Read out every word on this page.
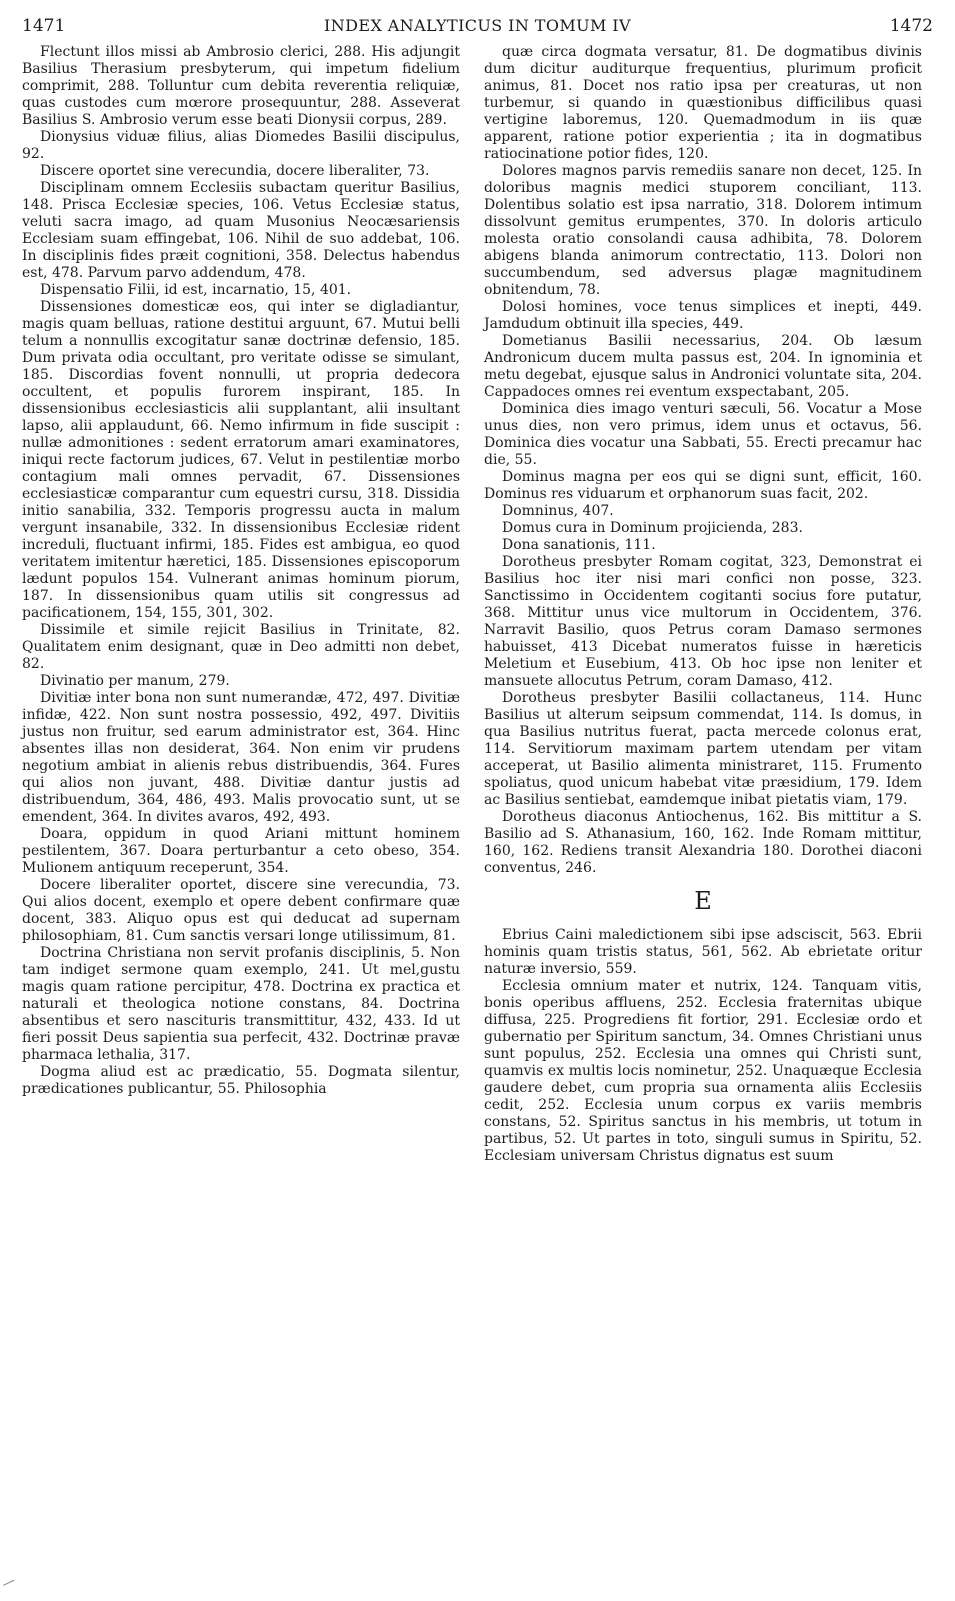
1471	INDEX ANALYTICUS IN TOMUM IV	1472

Flectunt illos missi ab Ambrosio clerici, 288. His adjungit Basilius Therasium presbyterum, qui impetum fidelium comprimit, 288. Tolluntur cum debita reverentia reliquiæ, quas custodes cum mœrore prosequuntur, 288. Asseverat Basilius S. Ambrosio verum esse beati Dionysii corpus, 289.

Dionysius viduæ filius, alias Diomedes Basilii discipulus, 92.

Discere oportet sine verecundia, docere liberaliter, 73.

Disciplinam omnem Ecclesiis subactam queritur Basilius, 148. Prisca Ecclesiæ species, 106. Vetus Ecclesiæ status, veluti sacra imago, ad quam Musonius Neocæsariensis Ecclesiam suam effingebat, 106. Nihil de suo addebat, 106. In disciplinis fides præit cognitioni, 358. Delectus habendus est, 478. Parvum parvo addendum, 478.

Dispensatio Filii, id est, incarnatio, 15, 401.

Dissensiones domesticæ eos, qui inter se digladiantur, magis quam belluas, ratione destitui arguunt, 67. Mutui belli telum a nonnullis excogitatur sanæ doctrinæ defensio, 185. Dum privata odia occultant, pro veritate odisse se simulant, 185. Discordias fovent nonnulli, ut propria dedecora occultent, et populis furorem inspirant, 185. In dissensionibus ecclesiasticis alii supplantant, alii insultant lapso, alii applaudunt, 66. Nemo infirmum in fide suscipit : nullæ admonitiones : sedent erratorum amari examinatores, iniqui recte factorum judices, 67. Velut in pestilentiæ morbo contagium mali omnes pervadit, 67. Dissensiones ecclesiasticæ comparantur cum equestri cursu, 318. Dissidia initio sanabilia, 332. Temporis progressu aucta in malum vergunt insanabile, 332. In dissensionibus Ecclesiæ rident increduli, fluctuant infirmi, 185. Fides est ambigua, eo quod veritatem imitentur hæretici, 185. Dissensiones episcoporum lædunt populos 154. Vulnerant animas hominum piorum, 187. In dissensionibus quam utilis sit congressus ad pacificationem, 154, 155, 301, 302.

Dissimile et simile rejicit Basilius in Trinitate, 82. Qualitatem enim designant, quæ in Deo admitti non debet, 82.

Divinatio per manum, 279.

Divitiæ inter bona non sunt numerandæ, 472, 497. Divitiæ infidæ, 422. Non sunt nostra possessio, 492, 497. Divitiis justus non fruitur, sed earum administrator est, 364. Hinc absentes illas non desiderat, 364. Non enim vir prudens negotium ambiat in alienis rebus distribuendis, 364. Fures qui alios non juvant, 488. Divitiæ dantur justis ad distribuendum, 364, 486, 493. Malis provocatio sunt, ut se emendent, 364. In divites avaros, 492, 493.

Doara, oppidum in quod Ariani mittunt hominem pestilentem, 367. Doara perturbantur a ceto obeso, 354. Mulionem antiquum receperunt, 354.

Docere liberaliter oportet, discere sine verecundia, 73. Qui alios docent, exemplo et opere debent confirmare quæ docent, 383. Aliquo opus est qui deducat ad supernam philosophiam, 81. Cum sanctis versari longe utilissimum, 81.

Doctrina Christiana non servit profanis disciplinis, 5. Non tam indiget sermone quam exemplo, 241. Ut mel,gustu magis quam ratione percipitur, 478. Doctrina ex practica et naturali et theologica notione constans, 84. Doctrina absentibus et sero nascituris transmittitur, 432, 433. Id ut fieri possit Deus sapientia sua perfecit, 432. Doctrinæ pravæ pharmaca lethalia, 317.

Dogma aliud est ac prædicatio, 55. Dogmata silentur, prædicationes publicantur, 55. Philosophia

quæ circa dogmata versatur, 81. De dogmatibus divinis dum dicitur auditurque frequentius, plurimum proficit animus, 81. Docet nos ratio ipsa per creaturas, ut non turbemur, si quando in quæstionibus difficilibus quasi vertigine laboremus, 120. Quemadmodum in iis quæ apparent, ratione potior experientia ; ita in dogmatibus ratiocinatione potior fides, 120.

Dolores magnos parvis remediis sanare non decet, 125. In doloribus magnis medici stuporem conciliant, 113. Dolentibus solatio est ipsa narratio, 318. Dolorem intimum dissolvunt gemitus erumpentes, 370. In doloris articulo molesta oratio consolandi causa adhibita, 78. Dolorem abigens blanda animorum contrectatio, 113. Dolori non succumbendum, sed adversus plagæ magnitudinem obnitendum, 78.

Dolosi homines, voce tenus simplices et inepti, 449. Jamdudum obtinuit illa species, 449.

Dometianus Basilii necessarius, 204. Ob læsum Andronicum ducem multa passus est, 204. In ignominia et metu degebat, ejusque salus in Andronici voluntate sita, 204. Cappadoces omnes rei eventum exspectabant, 205.

Dominica dies imago venturi sæculi, 56. Vocatur a Mose unus dies, non vero primus, idem unus et octavus, 56. Dominica dies vocatur una Sabbati, 55. Erecti precamur hac die, 55.

Dominus magna per eos qui se digni sunt, efficit, 160. Dominus res viduarum et orphanorum suas facit, 202.

Domninus, 407.

Domus cura in Dominum projicienda, 283.

Dona sanationis, 111.

Dorotheus presbyter Romam cogitat, 323, Demonstrat ei Basilius hoc iter nisi mari confici non posse, 323. Sanctissimo in Occidentem cogitanti socius fore putatur, 368. Mittitur unus vice multorum in Occidentem, 376. Narravit Basilio, quos Petrus coram Damaso sermones habuisset, 413 Dicebat numeratos fuisse in hæreticis Meletium et Eusebium, 413. Ob hoc ipse non leniter et mansuete allocutus Petrum, coram Damaso, 412.

Dorotheus presbyter Basilii collactaneus, 114. Hunc Basilius ut alterum seipsum commendat, 114. Is domus, in qua Basilius nutritus fuerat, pacta mercede colonus erat, 114. Servitiorum maximam partem utendam per vitam acceperat, ut Basilio alimenta ministraret, 115. Frumento spoliatus, quod unicum habebat vitæ præsidium, 179. Idem ac Basilius sentiebat, eamdemque inibat pietatis viam, 179.

Dorotheus diaconus Antiochenus, 162. Bis mittitur a S. Basilio ad S. Athanasium, 160, 162. Inde Romam mittitur, 160, 162. Rediens transit Alexandria 180. Dorothei diaconi conventus, 246.

E

Ebrius Caini maledictionem sibi ipse adsciscit, 563. Ebrii hominis quam tristis status, 561, 562. Ab ebrietate oritur naturæ inversio, 559.

Ecclesia omnium mater et nutrix, 124. Tanquam vitis, bonis operibus affluens, 252. Ecclesia fraternitas ubique diffusa, 225. Progrediens fit fortior, 291. Ecclesiæ ordo et gubernatio per Spiritum sanctum, 34. Omnes Christiani unus sunt populus, 252. Ecclesia una omnes qui Christi sunt, quamvis ex multis locis nominetur, 252. Unaquæque Ecclesia gaudere debet, cum propria sua ornamenta aliis Ecclesiis cedit, 252. Ecclesia unum corpus ex variis membris constans, 52. Spiritus sanctus in his membris, ut totum in partibus, 52. Ut partes in toto, singuli sumus in Spiritu, 52. Ecclesiam universam Christus dignatus est suum
